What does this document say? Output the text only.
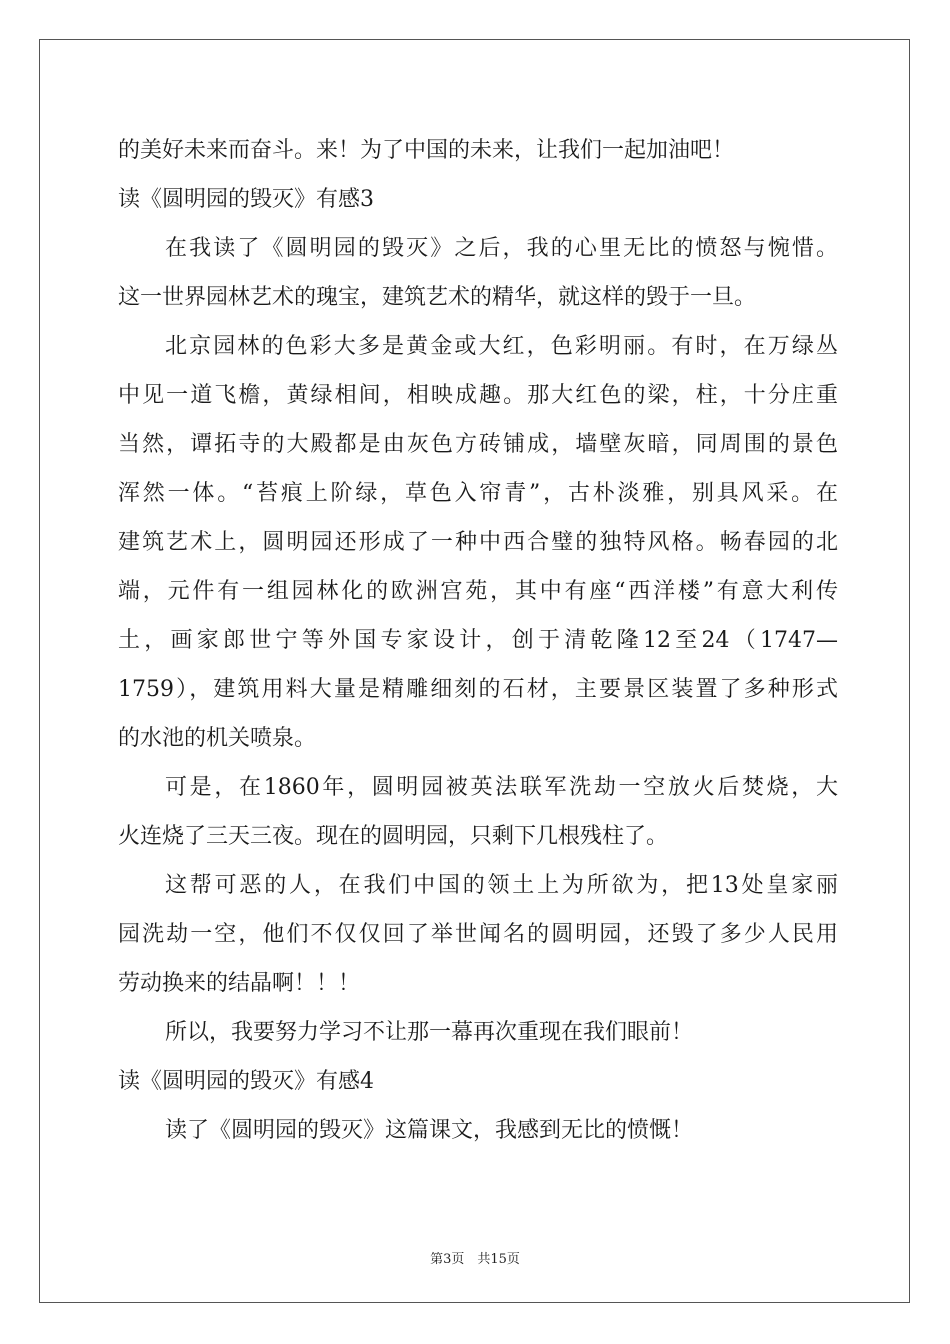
的美好未来而奋斗。来！为了中国的未来，让我们一起加油吧！
读《圆明园的毁灭》有感3
在我读了《圆明园的毁灭》之后，我的心里无比的愤怒与惋惜。
这一世界园林艺术的瑰宝，建筑艺术的精华，就这样的毁于一旦。
北京园林的色彩大多是黄金或大红，色彩明丽。有时，在万绿丛
中见一道飞檐，黄绿相间，相映成趣。那大红色的梁，柱，十分庄重
当然，谭拓寺的大殿都是由灰色方砖铺成，墙壁灰暗，同周围的景色
浑然一体。“苔痕上阶绿，草色入帘青”，古朴淡雅，别具风采。在
建筑艺术上，圆明园还形成了一种中西合璧的独特风格。畅春园的北
端，元件有一组园林化的欧洲宫苑，其中有座“西洋楼”有意大利传
土，画家郎世宁等外国专家设计，创于清乾隆12至24（1747—
1759），建筑用料大量是精雕细刻的石材，主要景区装置了多种形式
的水池的机关喷泉。
可是，在1860年，圆明园被英法联军洗劫一空放火后焚烧，大
火连烧了三天三夜。现在的圆明园，只剩下几根残柱了。
这帮可恶的人，在我们中国的领土上为所欲为，把13处皇家丽
园洗劫一空，他们不仅仅回了举世闻名的圆明园，还毁了多少人民用
劳动换来的结晶啊！！！
所以，我要努力学习不让那一幕再次重现在我们眼前！
读《圆明园的毁灭》有感4
读了《圆明园的毁灭》这篇课文，我感到无比的愤慨！
第3页　共15页
